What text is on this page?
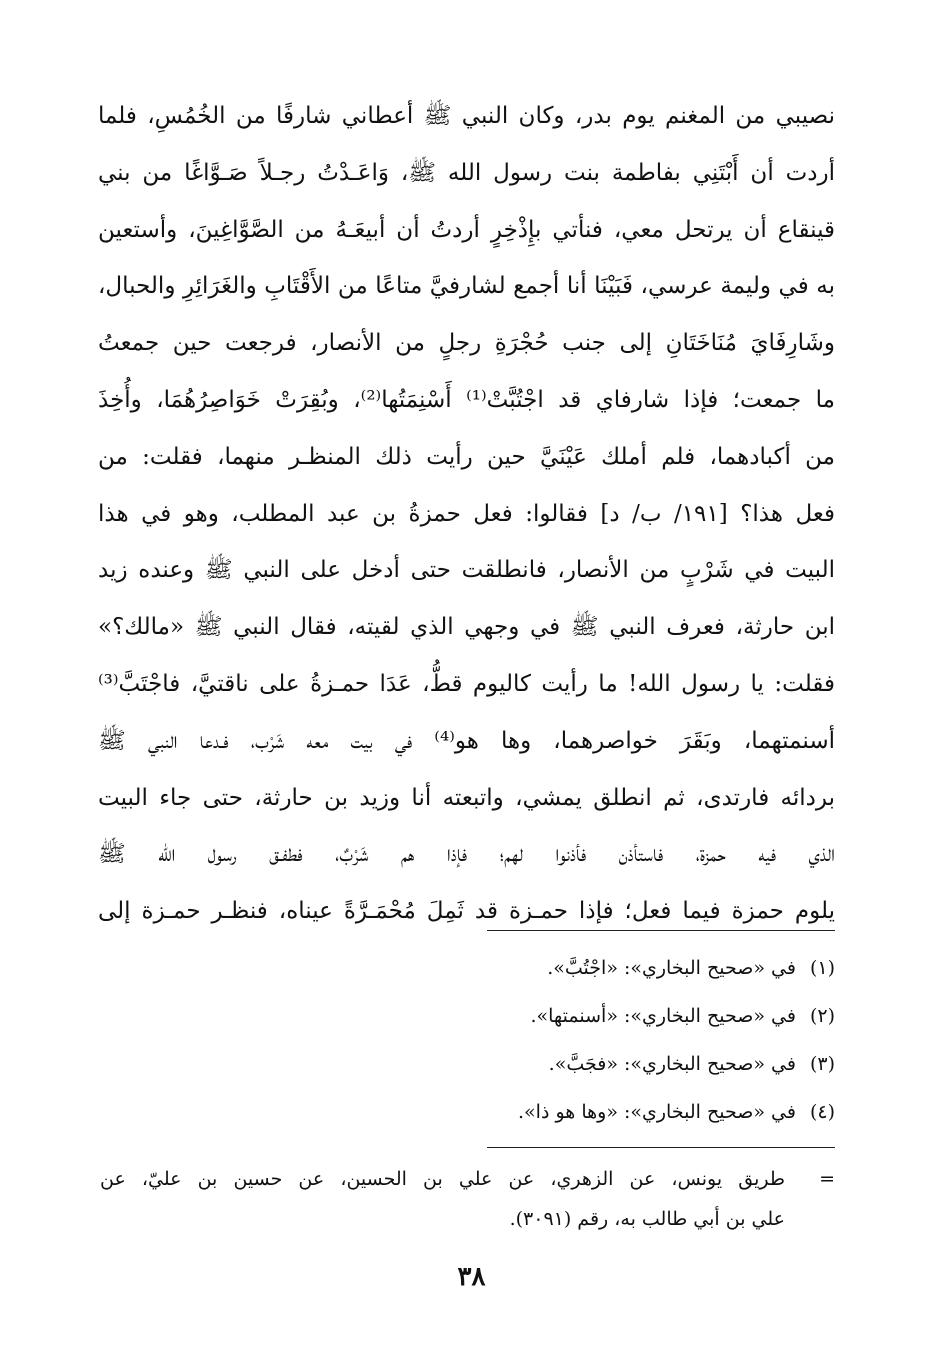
نصيبي من المغنم يوم بدر، وكان النبي ﷺ أعطاني شارفًا من الخُمُسِ، فلما
أردت أن أَبْتَنِي بفاطمة بنت رسول الله ﷺ، وَاعَـدْتُ رجـلاً صَـوَّاغًا من بني
قينقاع أن يرتحل معي، فنأتي بإِذْخِرٍ أردتُ أن أبيعَـهُ من الصَّوَّاغِينَ، وأستعين
به في وليمة عرسي، فَبَيْنَا أنا أجمع لشارفيَّ متاعًا من الأَقْتَابِ والغَرَائِرِ والحبال،
وشَارِفَايَ مُنَاخَتَانِ إلى جنب حُجْرَةِ رجلٍ من الأنصار، فرجعت حين جمعتُ
ما جمعت؛ فإذا شارفاي قد اجْتُبَّتْ⁽¹⁾ أَسْنِمَتُها⁽²⁾، وبُقِرَتْ خَوَاصِرُهُمَا، وأُخِذَ
من أكبادهما، فلم أملك عَيْنَيَّ حين رأيت ذلك المنظـر منهما، فقلت: من
فعل هذا؟ [١٩١/ ب/ د] فقالوا: فعل حمزةُ بن عبد المطلب، وهو في هذا
البيت في شَرْبٍ من الأنصار، فانطلقت حتى أدخل على النبي ﷺ وعنده زيد
ابن حارثة، فعرف النبي ﷺ في وجهي الذي لقيته، فقال النبي ﷺ «مالك؟»
فقلت: يا رسول الله! ما رأيت كاليوم قطُّ، عَدَا حمـزةُ على ناقتيَّ، فاجْتَبَّ⁽³⁾
أسنمتهما، وبَقَرَ خواصرهما، وها هو⁽⁴⁾ في بيت معه شَرْب، فـدعا النبي ﷺ
بردائه فارتدى، ثم انطلق يمشي، واتبعته أنا وزيد بن حارثة، حتى جاء البيت
الذي فيه حمزة، فاستأذن فأذنوا لهم؛ فإذا هم شَرْبٌ، فطفـق رسول الله ﷺ
يلوم حمزة فيما فعل؛ فإذا حمـزة قد ثَمِلَ مُحْمَـرَّةً عيناه، فنظـر حمـزة إلى
(١)في «صحيح البخاري»: «اجْتُبَّ».
(٢)في «صحيح البخاري»: «أسنمتها».
(٣)في «صحيح البخاري»: «فجَبَّ».
(٤)في «صحيح البخاري»: «وها هو ذا».
=
طريق يونس، عن الزهري، عن علي بن الحسين، عن حسين بن عليّ، عن
علي بن أبي طالب به، رقم (٣٠٩١).
٣٨
